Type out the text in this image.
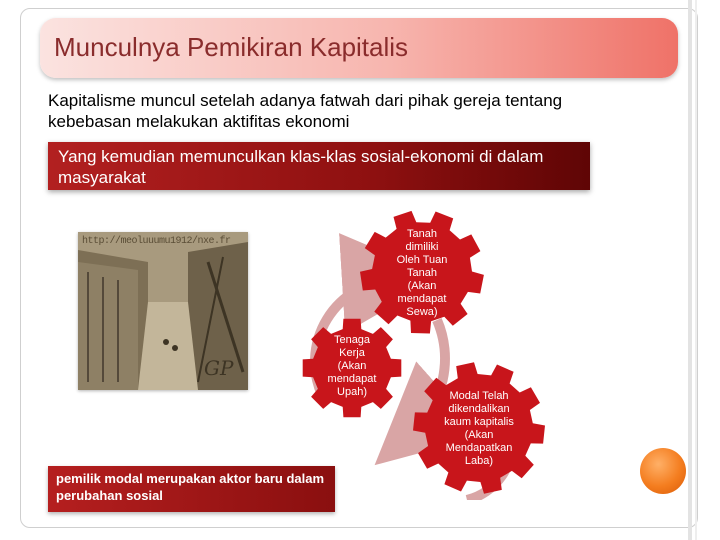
Munculnya Pemikiran Kapitalis
Kapitalisme muncul setelah adanya fatwah dari pihak gereja tentang kebebasan melakukan aktifitas ekonomi
Yang kemudian memunculkan klas-klas sosial-ekonomi di dalam masyarakat
http://meoluuumu1912/nxe.fr
GP
pemilik modal merupakan aktor baru dalam perubahan sosial

Tanah

dimiliki

Oleh Tuan

Tanah

(Akan

mendapat

Sewa)

Tenaga

Kerja

(Akan

mendapat

Upah)	Modal Telah

dikendalikan

kaum kapitalis

(Akan

Mendapatkan

Laba)
